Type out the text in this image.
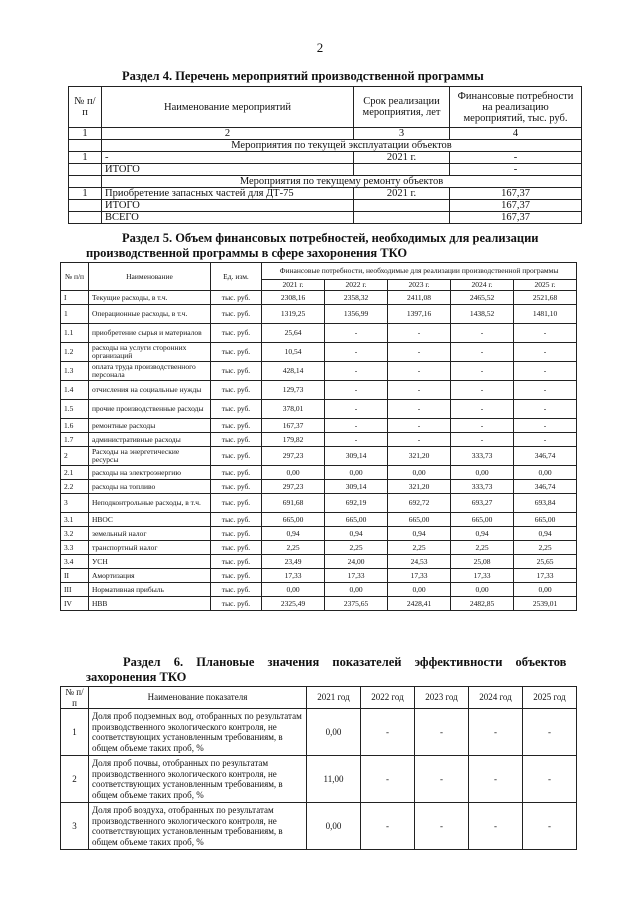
2
Раздел 4. Перечень мероприятий производственной программы
№ п/п	Наименование мероприятий	Срок реализации мероприятия, лет	Финансовые потребности на реализацию мероприятий, тыс. руб.
1	2	3	4
	Мероприятия по текущей эксплуатации объектов		
1	-	2021 г.	-
	ИТОГО		-
	Мероприятия по текущему ремонту объектов		
1	Приобретение запасных частей для ДТ-75	2021 г.	167,37
	ИТОГО		167,37
	ВСЕГО		167,37
Раздел 5. Объем финансовых потребностей, необходимых для реализации
производственной программы в сфере захоронения ТКО
№ п/п	Наименование	Ед. изм.	Финансовые потребности, необходимые для реализации производственной программы				
			2021 г.	2022 г.	2023 г.	2024 г.	2025 г.
I	Текущие расходы, в т.ч.	тыс. руб.	2308,16	2358,32	2411,08	2465,52	2521,68
1	Операционные расходы, в т.ч.	тыс. руб.	1319,25	1356,99	1397,16	1438,52	1481,10
1.1	приобретение сырья и материалов	тыс. руб.	25,64	-	-	-	-
1.2	расходы на услуги сторонних организаций	тыс. руб.	10,54	-	-	-	-
1.3	оплата труда производственного персонала	тыс. руб.	428,14	-	-	-	-
1.4	отчисления на социальные нужды	тыс. руб.	129,73	-	-	-	-
1.5	прочие производственные расходы	тыс. руб.	378,01	-	-	-	-
1.6	ремонтные расходы	тыс. руб.	167,37	-	-	-	-
1.7	административные расходы	тыс. руб.	179,82	-	-	-	-
2	Расходы на энергетические ресурсы	тыс. руб.	297,23	309,14	321,20	333,73	346,74
2.1	расходы на электроэнергию	тыс. руб.	0,00	0,00	0,00	0,00	0,00
2.2	расходы на топливо	тыс. руб.	297,23	309,14	321,20	333,73	346,74
3	Неподконтрольные расходы, в т.ч.	тыс. руб.	691,68	692,19	692,72	693,27	693,84
3.1	НВОС	тыс. руб.	665,00	665,00	665,00	665,00	665,00
3.2	земельный налог	тыс. руб.	0,94	0,94	0,94	0,94	0,94
3.3	транспортный налог	тыс. руб.	2,25	2,25	2,25	2,25	2,25
3.4	УСН	тыс. руб.	23,49	24,00	24,53	25,08	25,65
II	Амортизация	тыс. руб.	17,33	17,33	17,33	17,33	17,33
III	Нормативная прибыль	тыс. руб.	0,00	0,00	0,00	0,00	0,00
IV	НВВ	тыс. руб.	2325,49	2375,65	2428,41	2482,85	2539,01
Раздел 6. Плановые значения показателей эффективности объектов
захоронения ТКО
№ п/п	Наименование показателя	2021 год	2022 год	2023 год	2024 год	2025 год
1	Доля проб подземных вод, отобранных по результатам производственного экологического контроля, не соответствующих установленным требованиям, в общем объеме таких проб, %	0,00	-	-	-	-
2	Доля проб почвы, отобранных по результатам производственного экологического контроля, не соответствующих установленным требованиям, в общем объеме таких проб, %	11,00	-	-	-	-
3	Доля проб воздуха, отобранных по результатам производственного экологического контроля, не соответствующих установленным требованиям, в общем объеме таких проб, %	0,00	-	-	-	-
